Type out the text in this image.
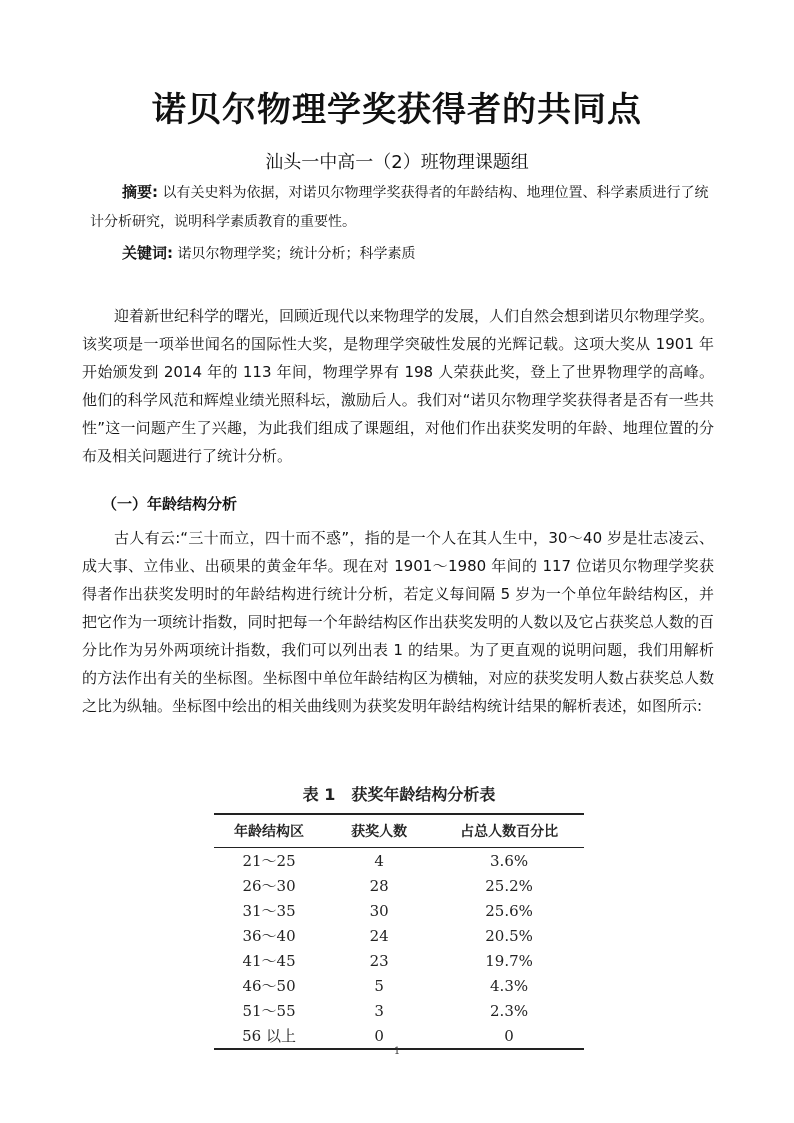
诺贝尔物理学奖获得者的共同点
汕头一中高一（2）班物理课题组
摘要: 以有关史料为依据，对诺贝尔物理学奖获得者的年龄结构、地理位置、科学素质进行了统计分析研究，说明科学素质教育的重要性。
关键词: 诺贝尔物理学奖；统计分析；科学素质
迎着新世纪科学的曙光，回顾近现代以来物理学的发展，人们自然会想到诺贝尔物理学奖。该奖项是一项举世闻名的国际性大奖，是物理学突破性发展的光辉记载。这项大奖从 1901 年开始颁发到 2014 年的 113 年间，物理学界有 198 人荣获此奖，登上了世界物理学的高峰。他们的科学风范和辉煌业绩光照科坛，激励后人。我们对“诺贝尔物理学奖获得者是否有一些共性”这一问题产生了兴趣，为此我们组成了课题组，对他们作出获奖发明的年龄、地理位置的分布及相关问题进行了统计分析。
（一）年龄结构分析
古人有云:“三十而立，四十而不惑”，指的是一个人在其人生中，30～40 岁是壮志凌云、成大事、立伟业、出硕果的黄金年华。现在对 1901～1980 年间的 117 位诺贝尔物理学奖获得者作出获奖发明时的年龄结构进行统计分析，若定义每间隔 5 岁为一个单位年龄结构区，并把它作为一项统计指数，同时把每一个年龄结构区作出获奖发明的人数以及它占获奖总人数的百分比作为另外两项统计指数，我们可以列出表 1 的结果。为了更直观的说明问题，我们用解析的方法作出有关的坐标图。坐标图中单位年龄结构区为横轴，对应的获奖发明人数占获奖总人数之比为纵轴。坐标图中绘出的相关曲线则为获奖发明年龄结构统计结果的解析表述，如图所示:
表 1　获奖年龄结构分析表
年龄结构区	获奖人数	占总人数百分比
21～25	4	3.6%
26～30	28	25.2%
31～35	30	25.6%
36～40	24	20.5%
41～45	23	19.7%
46～50	5	4.3%
51～55	3	2.3%
56 以上	0	0
1
